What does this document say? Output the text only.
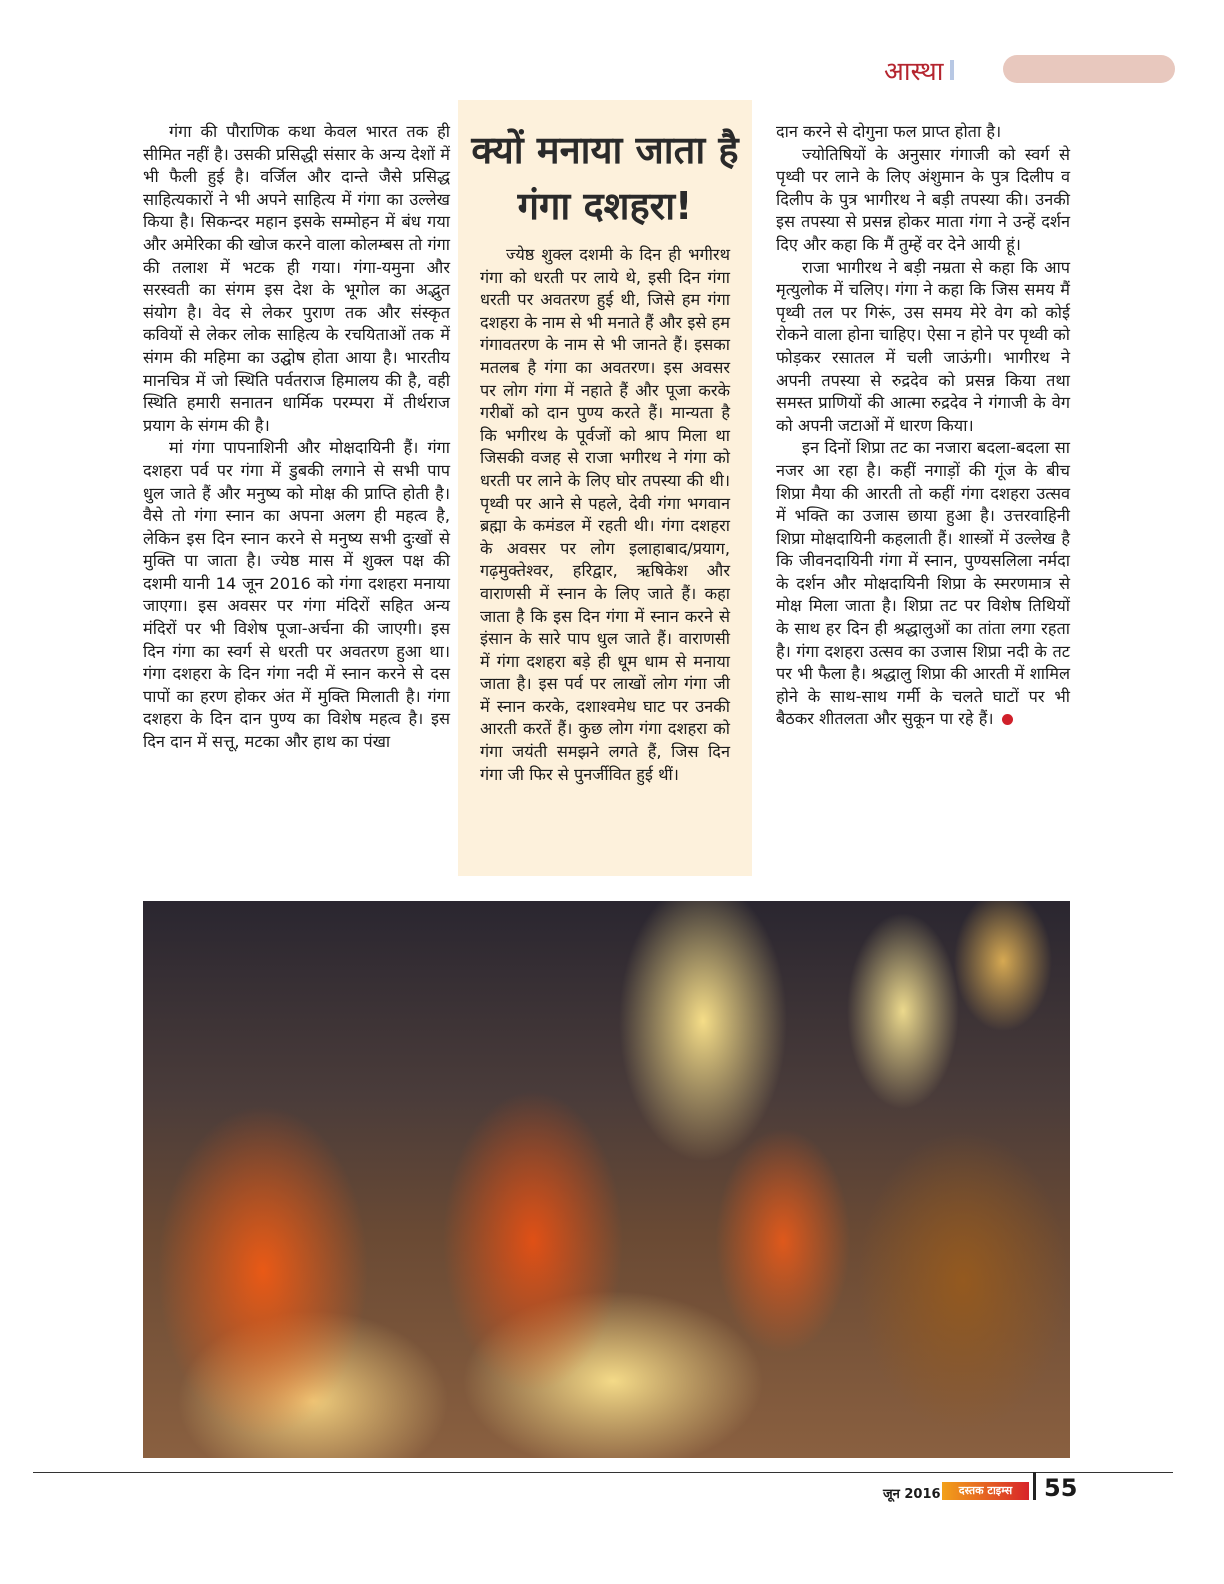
आस्था

गंगा की पौराणिक कथा केवल भारत तक ही सीमित नहीं है। उसकी प्रसिद्धी संसार के अन्य देशों में भी फैली हुई है। वर्जिल और दान्ते जैसे प्रसिद्ध साहित्यकारों ने भी अपने साहित्य में गंगा का उल्लेख किया है। सिकन्दर महान इसके सम्मोहन में बंध गया और अमेरिका की खोज करने वाला कोलम्बस तो गंगा की तलाश में भटक ही गया। गंगा-यमुना और सरस्वती का संगम इस देश के भूगोल का अद्भुत संयोग है। वेद से लेकर पुराण तक और संस्कृत कवियों से लेकर लोक साहित्य के रचयिताओं तक में संगम की महिमा का उद्घोष होता आया है। भारतीय मानचित्र में जो स्थिति पर्वतराज हिमालय की है, वही स्थिति हमारी सनातन धार्मिक परम्परा में तीर्थराज प्रयाग के संगम की है।

मां गंगा पापनाशिनी और मोक्षदायिनी हैं। गंगा दशहरा पर्व पर गंगा में डुबकी लगाने से सभी पाप धुल जाते हैं और मनुष्य को मोक्ष की प्राप्ति होती है। वैसे तो गंगा स्नान का अपना अलग ही महत्व है, लेकिन इस दिन स्नान करने से मनुष्य सभी दुःखों से मुक्ति पा जाता है। ज्येष्ठ मास में शुक्ल पक्ष की दशमी यानी 14 जून 2016 को गंगा दशहरा मनाया जाएगा। इस अवसर पर गंगा मंदिरों सहित अन्य मंदिरों पर भी विशेष पूजा-अर्चना की जाएगी। इस दिन गंगा का स्वर्ग से धरती पर अवतरण हुआ था। गंगा दशहरा के दिन गंगा नदी में स्नान करने से दस पापों का हरण होकर अंत में मुक्ति मिलाती है। गंगा दशहरा के दिन दान पुण्य का विशेष महत्व है। इस दिन दान में सत्तू, मटका और हाथ का पंखा

क्यों मनाया जाता है गंगा दशहरा!

ज्येष्ठ शुक्ल दशमी के दिन ही भगीरथ गंगा को धरती पर लाये थे, इसी दिन गंगा धरती पर अवतरण हुई थी, जिसे हम गंगा दशहरा के नाम से भी मनाते हैं और इसे हम गंगावतरण के नाम से भी जानते हैं। इसका मतलब है गंगा का अवतरण। इस अवसर पर लोग गंगा में नहाते हैं और पूजा करके गरीबों को दान पुण्य करते हैं। मान्यता है कि भगीरथ के पूर्वजों को श्राप मिला था जिसकी वजह से राजा भगीरथ ने गंगा को धरती पर लाने के लिए घोर तपस्या की थी। पृथ्वी पर आने से पहले, देवी गंगा भगवान ब्रह्मा के कमंडल में रहती थी। गंगा दशहरा के अवसर पर लोग इलाहाबाद/प्रयाग, गढ़मुक्तेश्वर, हरिद्वार, ऋषिकेश और वाराणसी में स्नान के लिए जाते हैं। कहा जाता है कि इस दिन गंगा में स्नान करने से इंसान के सारे पाप धुल जाते हैं। वाराणसी में गंगा दशहरा बड़े ही धूम धाम से मनाया जाता है। इस पर्व पर लाखों लोग गंगा जी में स्नान करके, दशाश्वमेध घाट पर उनकी आरती करतें हैं। कुछ लोग गंगा दशहरा को गंगा जयंती समझने लगते हैं, जिस दिन गंगा जी फिर से पुनर्जीवित हुई थीं।

दान करने से दोगुना फल प्राप्त होता है।

ज्योतिषियों के अनुसार गंगाजी को स्वर्ग से पृथ्वी पर लाने के लिए अंशुमान के पुत्र दिलीप व दिलीप के पुत्र भागीरथ ने बड़ी तपस्या की। उनकी इस तपस्या से प्रसन्न होकर माता गंगा ने उन्हें दर्शन दिए और कहा कि मैं तुम्हें वर देने आयी हूं।

राजा भागीरथ ने बड़ी नम्रता से कहा कि आप मृत्युलोक में चलिए। गंगा ने कहा कि जिस समय मैं पृथ्वी तल पर गिरूं, उस समय मेरे वेग को कोई रोकने वाला होना चाहिए। ऐसा न होने पर पृथ्वी को फोड़कर रसातल में चली जाऊंगी। भागीरथ ने अपनी तपस्या से रुद्रदेव को प्रसन्न किया तथा समस्त प्राणियों की आत्मा रुद्रदेव ने गंगाजी के वेग को अपनी जटाओं में धारण किया।

इन दिनों शिप्रा तट का नजारा बदला-बदला सा नजर आ रहा है। कहीं नगाड़ों की गूंज के बीच शिप्रा मैया की आरती तो कहीं गंगा दशहरा उत्सव में भक्ति का उजास छाया हुआ है। उत्तरवाहिनी शिप्रा मोक्षदायिनी कहलाती हैं। शास्त्रों में उल्लेख है कि जीवनदायिनी गंगा में स्नान, पुण्यसलिला नर्मदा के दर्शन और मोक्षदायिनी शिप्रा के स्मरणमात्र से मोक्ष मिला जाता है। शिप्रा तट पर विशेष तिथियों के साथ हर दिन ही श्रद्धालुओं का तांता लगा रहता है। गंगा दशहरा उत्सव का उजास शिप्रा नदी के तट पर भी फैला है। श्रद्धालु शिप्रा की आरती में शामिल होने के साथ-साथ गर्मी के चलते घाटों पर भी बैठकर शीतलता और सुकून पा रहे हैं।

जून 2016	दस्तक टाइम्स	55
